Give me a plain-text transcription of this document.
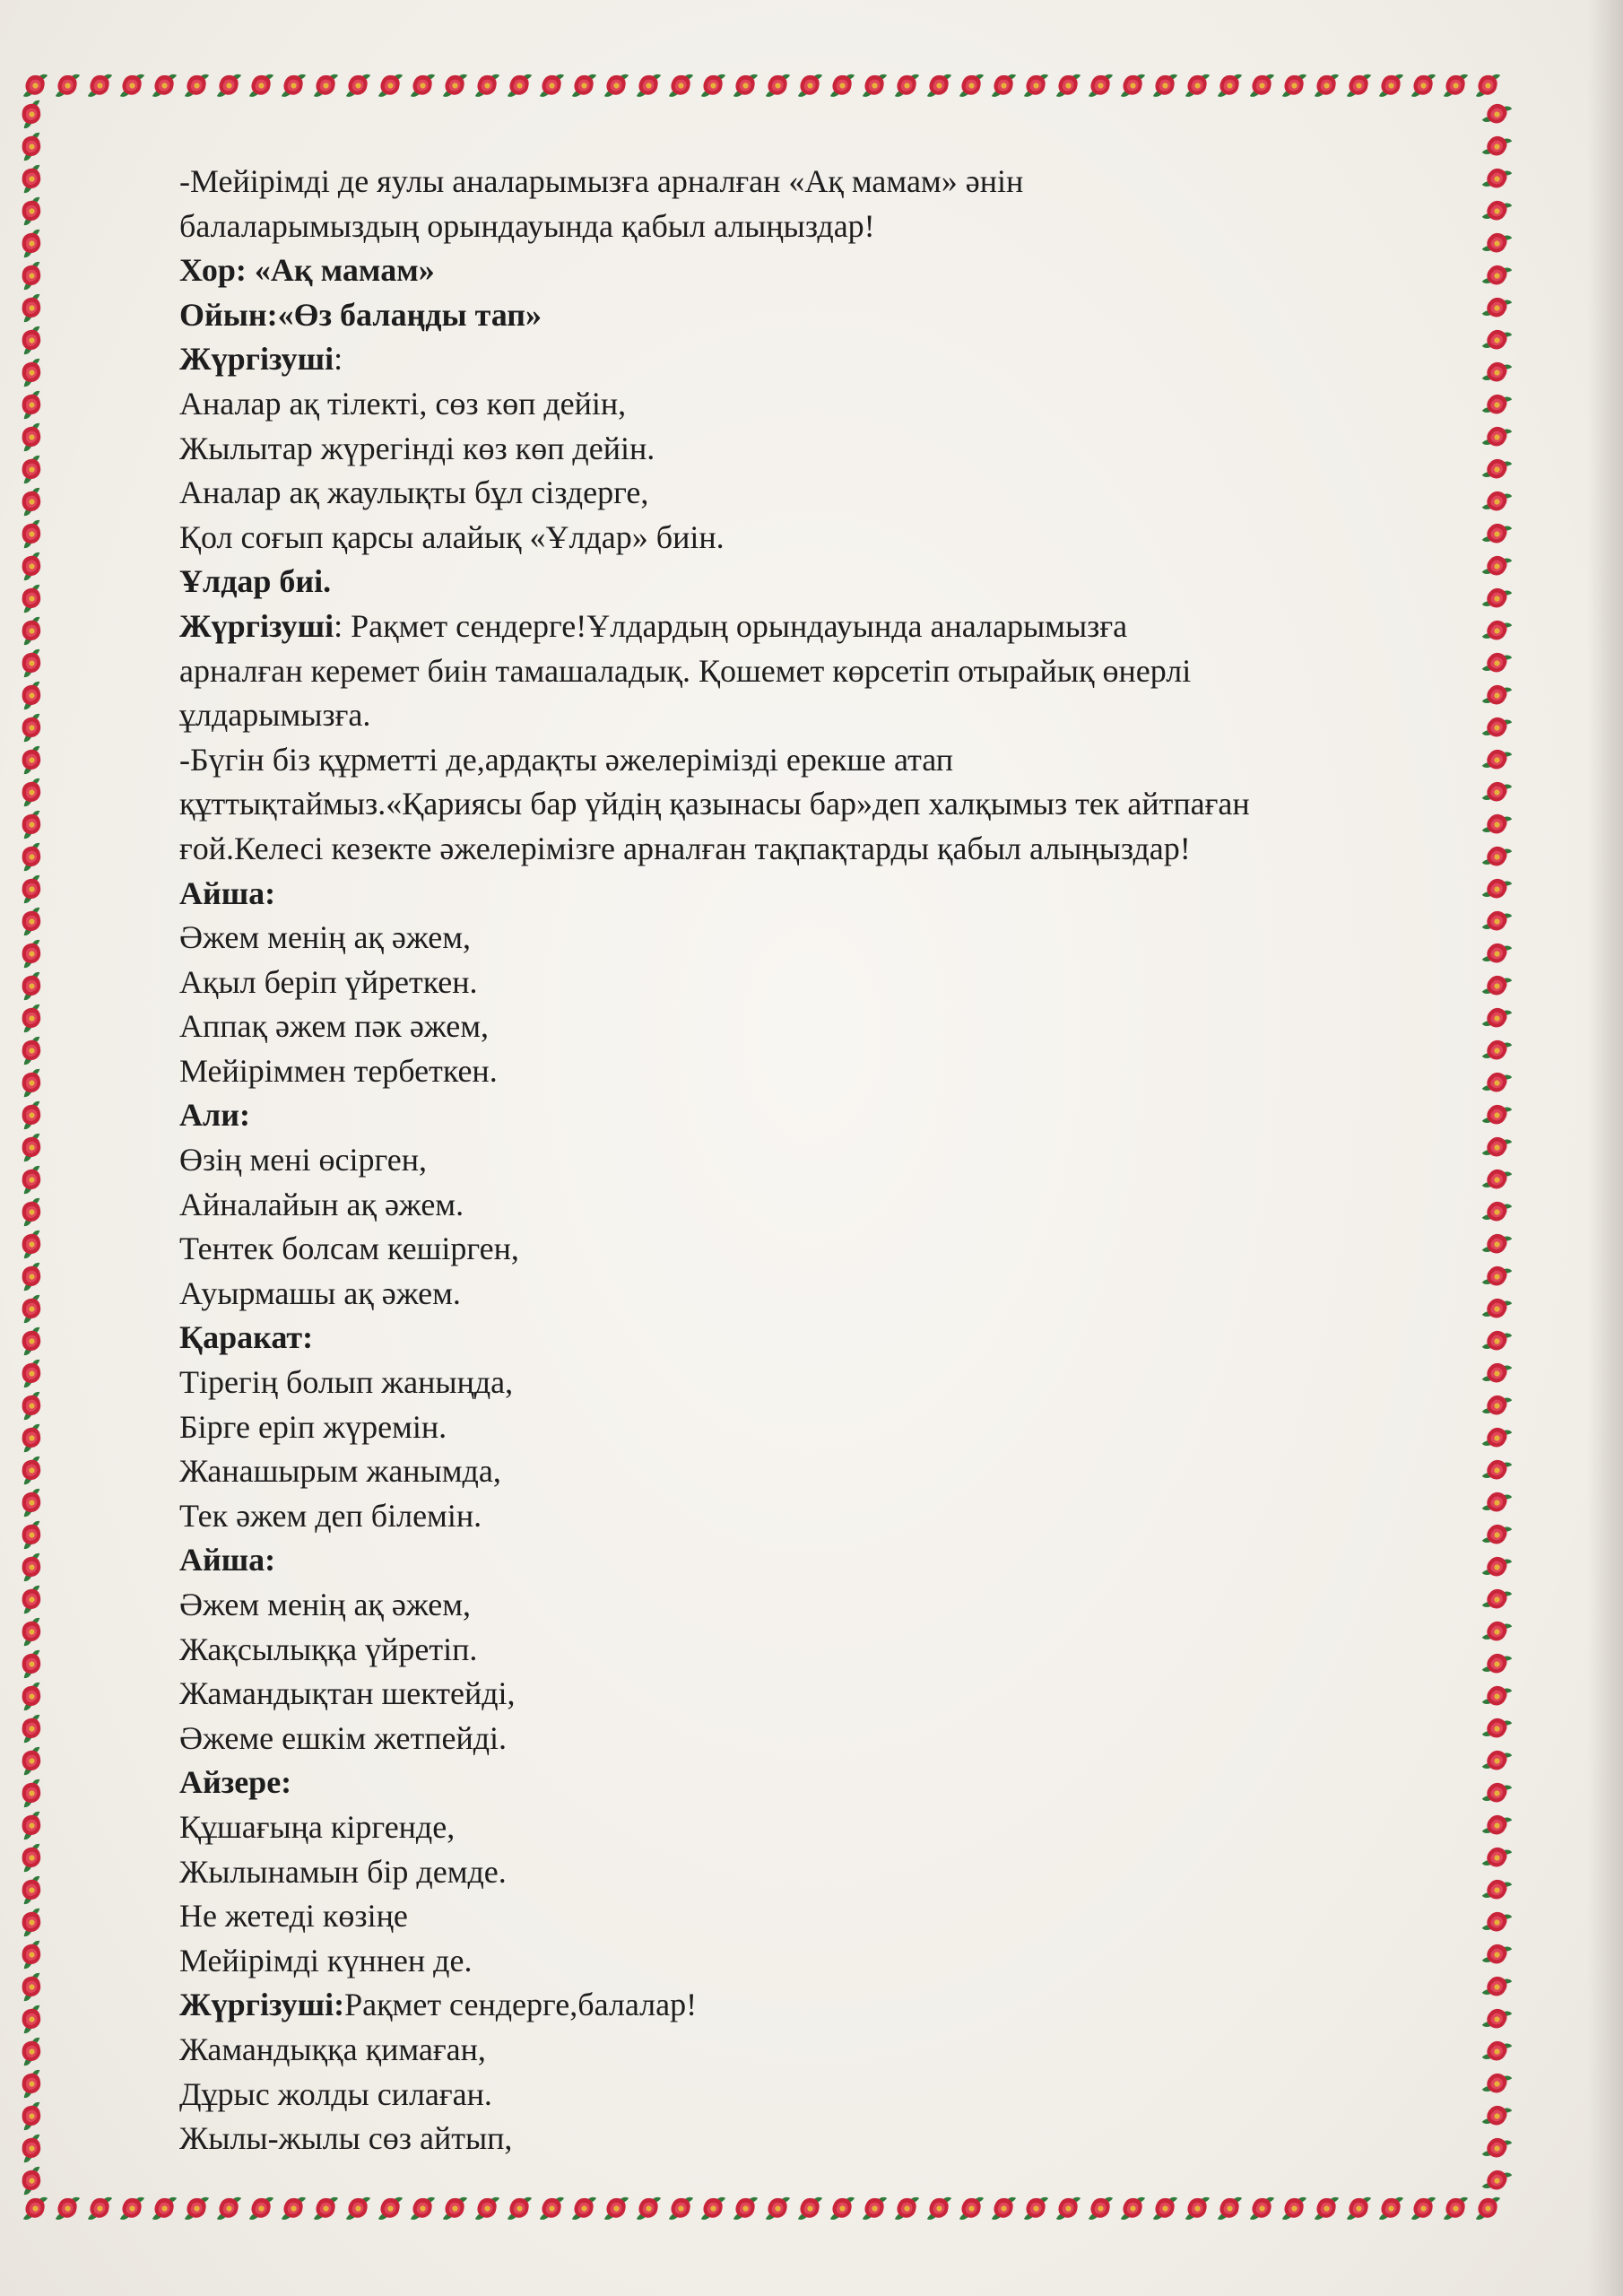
-Мейірімді де яулы аналарымызға арналған «Ақ мамам» әнін
балаларымыздың орындауында қабыл алыңыздар!
Хор: «Ақ мамам»
Ойын:«Өз балаңды тап»
Жүргізуші:
Аналар ақ тілекті, сөз көп дейін,
Жылытар жүрегінді көз көп дейін.
Аналар ақ жаулықты бұл сіздерге,
Қол соғып қарсы алайық «Ұлдар» биін.
Ұлдар биі.
Жүргізуші: Рақмет сендерге!Ұлдардың орындауында аналарымызға
арналған керемет биін тамашаладық. Қошемет көрсетіп отырайық өнерлі
ұлдарымызға.
-Бүгін біз құрметті де,ардақты әжелерімізді ерекше атап
құттықтаймыз.«Қариясы бар үйдің қазынасы бар»деп халқымыз тек айтпаған
ғой.Келесі кезекте әжелерімізге арналған тақпақтарды қабыл алыңыздар!
Айша:
Әжем менің ақ әжем,
Ақыл беріп үйреткен.
Аппақ әжем пәк әжем,
Мейіріммен тербеткен.
Али:
Өзің мені өсірген,
Айналайын ақ әжем.
Тентек болсам кешірген,
Ауырмашы ақ әжем.
Қаракат:
Тірегің болып жаныңда,
Бірге еріп жүремін.
Жанашырым жанымда,
Тек әжем деп білемін.
Айша:
Әжем менің ақ әжем,
Жақсылыққа үйретіп.
Жамандықтан шектейді,
Әжеме ешкім жетпейді.
Айзере:
Құшағыңа кіргенде,
Жылынамын бір демде.
Не жетеді көзіңе
Мейірімді күннен де.
Жүргізуші:Рақмет сендерге,балалар!
Жамандыққа қимаған,
Дұрыс жолды силаған.
Жылы-жылы сөз айтып,
